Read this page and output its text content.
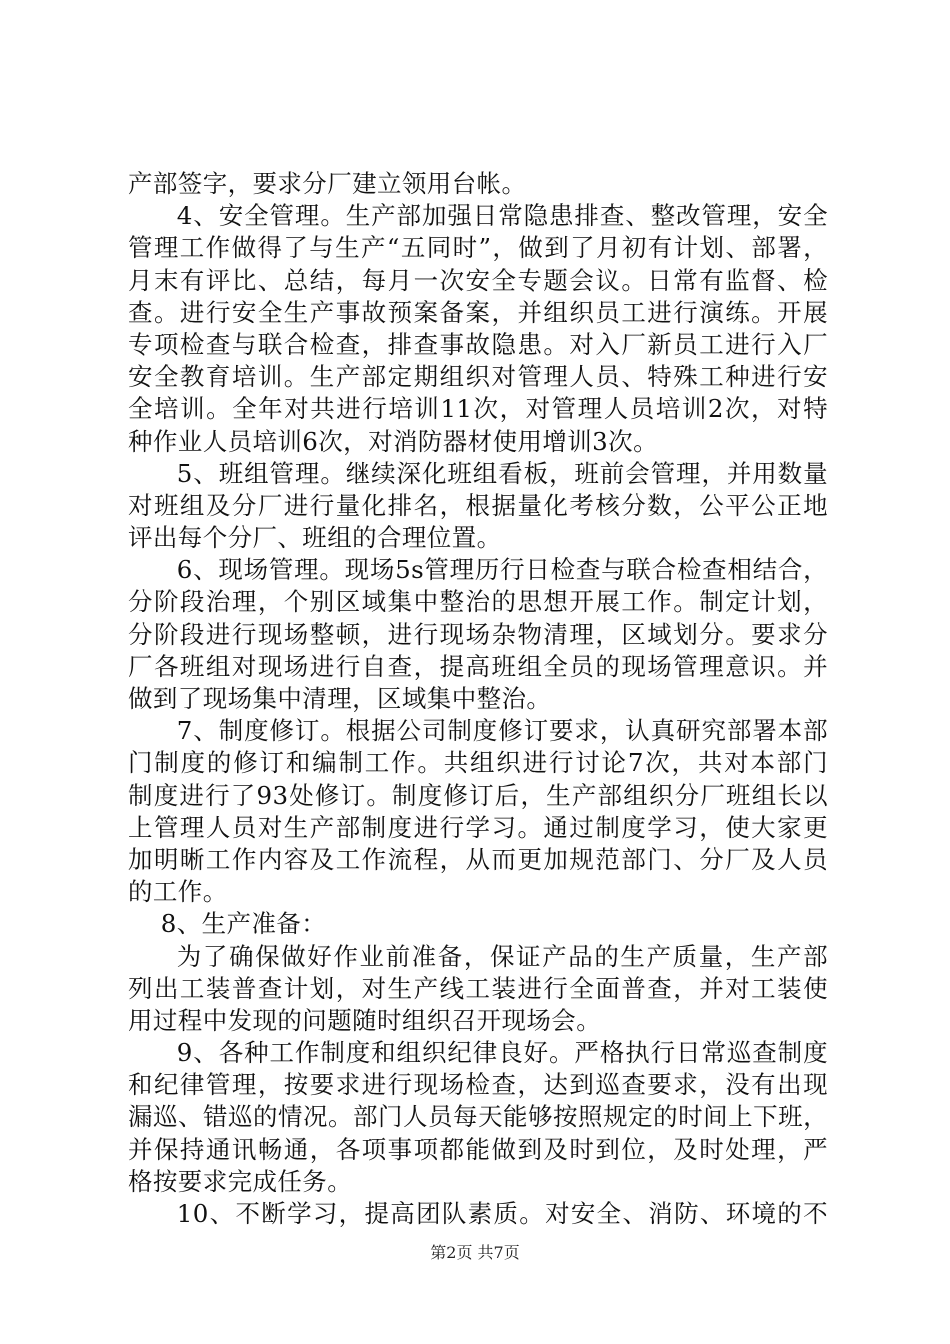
产部签字，要求分厂建立领用台帐。
4、安全管理。生产部加强日常隐患排查、整改管理，安全
管理工作做得了与生产“五同时”，做到了月初有计划、部署，
月末有评比、总结，每月一次安全专题会议。日常有监督、检
查。进行安全生产事故预案备案，并组织员工进行演练。开展
专项检查与联合检查，排查事故隐患。对入厂新员工进行入厂
安全教育培训。生产部定期组织对管理人员、特殊工种进行安
全培训。全年对共进行培训11次，对管理人员培训2次，对特
种作业人员培训6次，对消防器材使用增训3次。
5、班组管理。继续深化班组看板，班前会管理，并用数量
对班组及分厂进行量化排名，根据量化考核分数，公平公正地
评出每个分厂、班组的合理位置。
6、现场管理。现场5s管理历行日检查与联合检查相结合，
分阶段治理，个别区域集中整治的思想开展工作。制定计划，
分阶段进行现场整顿，进行现场杂物清理，区域划分。要求分
厂各班组对现场进行自查，提高班组全员的现场管理意识。并
做到了现场集中清理，区域集中整治。
7、制度修订。根据公司制度修订要求，认真研究部署本部
门制度的修订和编制工作。共组织进行讨论7次，共对本部门
制度进行了93处修订。制度修订后，生产部组织分厂班组长以
上管理人员对生产部制度进行学习。通过制度学习，使大家更
加明晰工作内容及工作流程，从而更加规范部门、分厂及人员
的工作。
8、生产准备：
为了确保做好作业前准备，保证产品的生产质量，生产部
列出工装普查计划，对生产线工装进行全面普查，并对工装使
用过程中发现的问题随时组织召开现场会。
9、各种工作制度和组织纪律良好。严格执行日常巡查制度
和纪律管理，按要求进行现场检查，达到巡查要求，没有出现
漏巡、错巡的情况。部门人员每天能够按照规定的时间上下班，
并保持通讯畅通，各项事项都能做到及时到位，及时处理，严
格按要求完成任务。
10、不断学习，提高团队素质。对安全、消防、环境的不
第2页 共7页
